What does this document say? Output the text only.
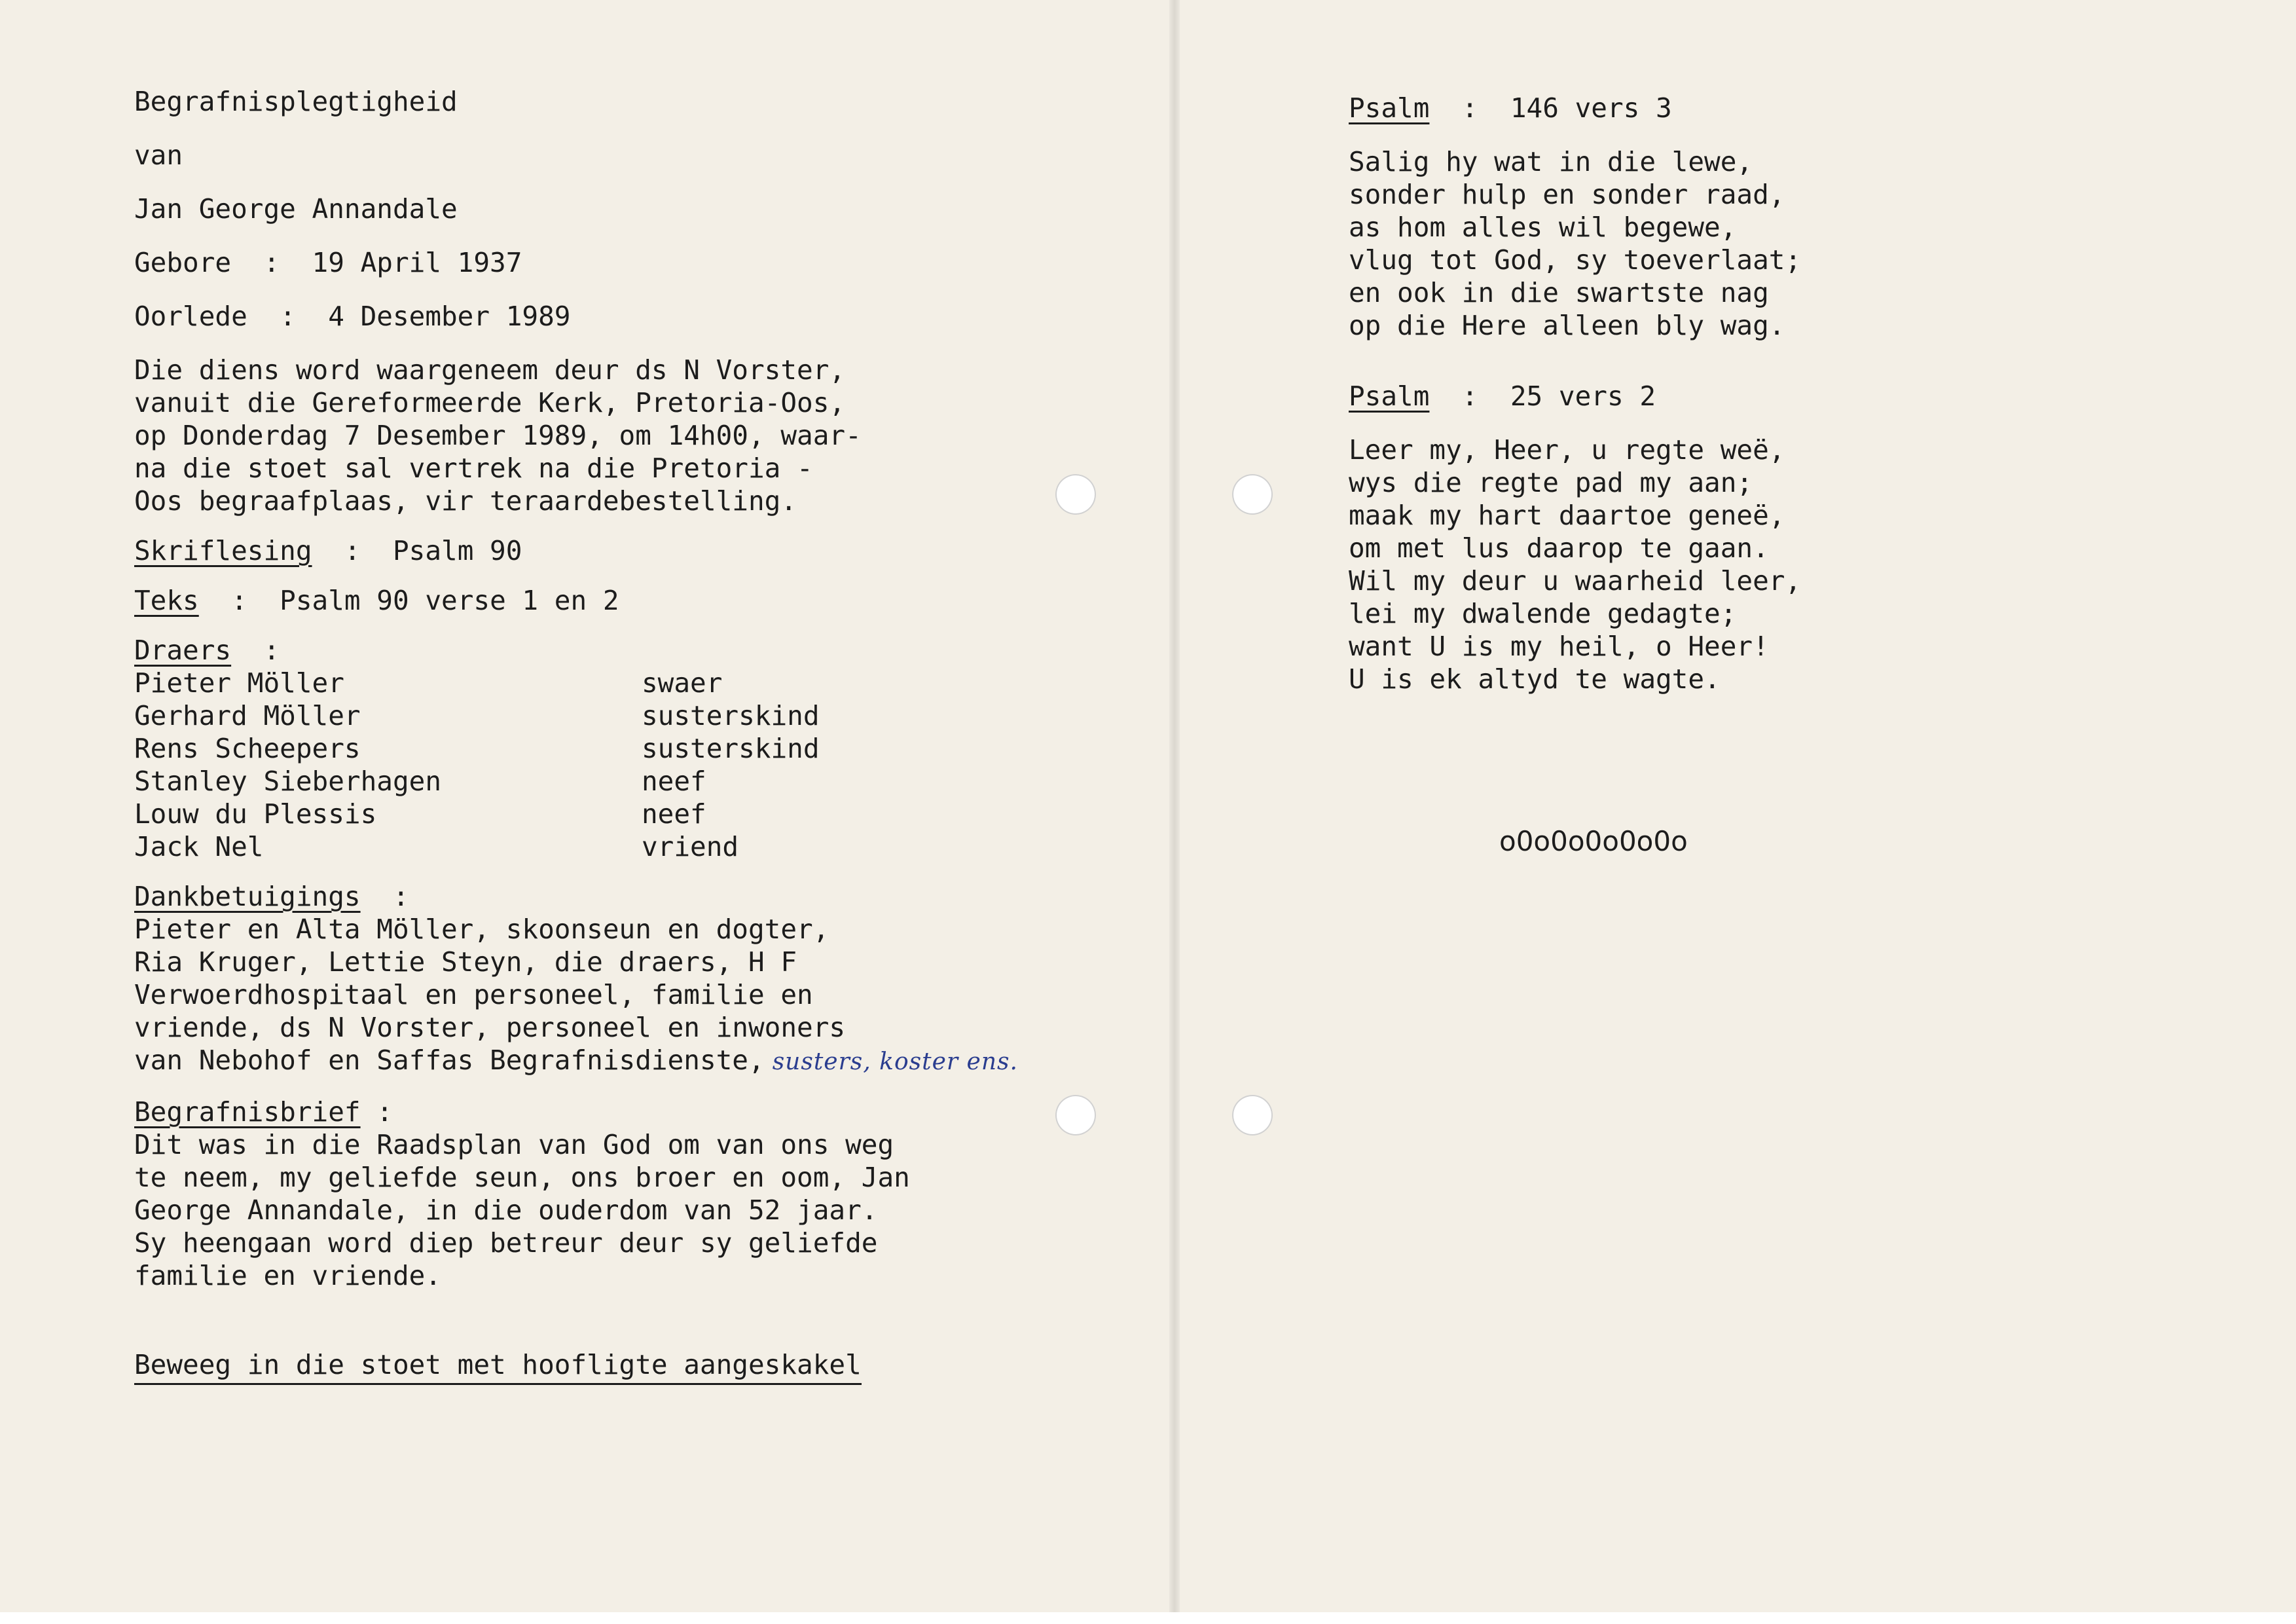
Begrafnisplegtigheid
van
Jan George Annandale
Gebore  :  19 April 1937
Oorlede  :  4 Desember 1989
Die diens word waargeneem deur ds N Vorster,
vanuit die Gereformeerde Kerk, Pretoria-Oos,
op Donderdag 7 Desember 1989, om 14h00, waar-
na die stoet sal vertrek na die Pretoria -
Oos begraafplaas, vir teraardebestelling.
Skriflesing  :  Psalm 90
Teks  :  Psalm 90 verse 1 en 2
Draers  :
Pieter Möller	swaer
Gerhard Möller	susterskind
Rens Scheepers	susterskind
Stanley Sieberhagen	neef
Louw du Plessis	neef
Jack Nel	vriend
Dankbetuigings  :
Pieter en Alta Möller, skoonseun en dogter,
Ria Kruger, Lettie Steyn, die draers, H F
Verwoerdhospitaal en personeel, familie en
vriende, ds N Vorster, personeel en inwoners
van Nebohof en Saffas Begrafnisdienste, susters, koster ens.
Begrafnisbrief :
Dit was in die Raadsplan van God om van ons weg
te neem, my geliefde seun, ons broer en oom, Jan
George Annandale, in die ouderdom van 52 jaar.
Sy heengaan word diep betreur deur sy geliefde
familie en vriende.
Beweeg in die stoet met hoofligte aangeskakel
Psalm  :  146 vers 3
Salig hy wat in die lewe,
sonder hulp en sonder raad,
as hom alles wil begewe,
vlug tot God, sy toeverlaat;
en ook in die swartste nag
op die Here alleen bly wag.
Psalm  :  25 vers 2
Leer my, Heer, u regte weë,
wys die regte pad my aan;
maak my hart daartoe geneë,
om met lus daarop te gaan.
Wil my deur u waarheid leer,
lei my dwalende gedagte;
want U is my heil, o Heer!
U is ek altyd te wagte.
o0o0o0o0o0o
